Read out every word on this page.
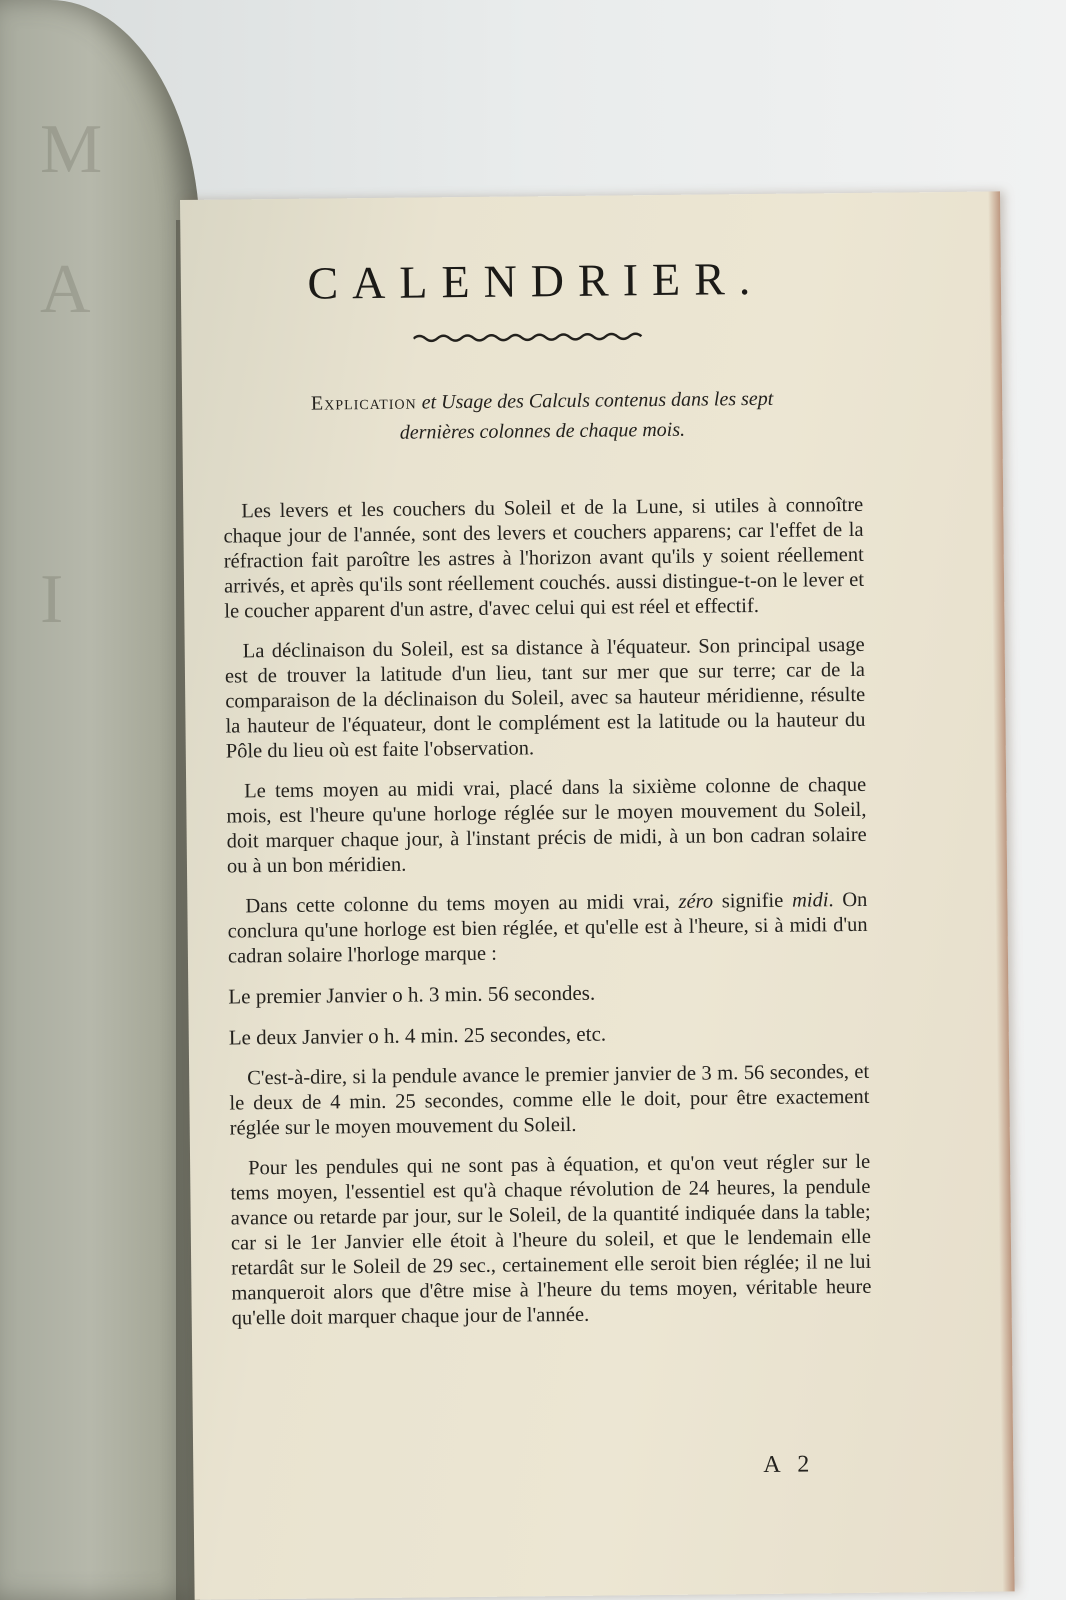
M
A
I
CALENDRIER.
Explication et Usage des Calculs contenus dans les sept
dernières colonnes de chaque mois.

Les levers et les couchers du Soleil et de la Lune, si utiles à connoître chaque jour de l'année, sont des levers et couchers apparens; car l'effet de la réfraction fait paroître les astres à l'horizon avant qu'ils y soient réellement arrivés, et après qu'ils sont réellement couchés. aussi distingue-t-on le lever et le coucher apparent d'un astre, d'avec celui qui est réel et effectif.

La déclinaison du Soleil, est sa distance à l'équateur. Son principal usage est de trouver la latitude d'un lieu, tant sur mer que sur terre; car de la comparaison de la déclinaison du Soleil, avec sa hauteur méridienne, résulte la hauteur de l'équateur, dont le complément est la latitude ou la hauteur du Pôle du lieu où est faite l'observation.

Le tems moyen au midi vrai, placé dans la sixième colonne de chaque mois, est l'heure qu'une horloge réglée sur le moyen mouvement du Soleil, doit marquer chaque jour, à l'instant précis de midi, à un bon cadran solaire ou à un bon méridien.

Dans cette colonne du tems moyen au midi vrai, zéro signifie midi. On conclura qu'une horloge est bien réglée, et qu'elle est à l'heure, si à midi d'un cadran solaire l'horloge marque :

Le premier Janvier o h. 3 min. 56 secondes.

Le deux Janvier o h. 4 min. 25 secondes, etc.

C'est-à-dire, si la pendule avance le premier janvier de 3 m. 56 secondes, et le deux de 4 min. 25 secondes, comme elle le doit, pour être exactement réglée sur le moyen mouvement du Soleil.

Pour les pendules qui ne sont pas à équation, et qu'on veut régler sur le tems moyen, l'essentiel est qu'à chaque révolution de 24 heures, la pendule avance ou retarde par jour, sur le Soleil, de la quantité indiquée dans la table; car si le 1er Janvier elle étoit à l'heure du soleil, et que le lendemain elle retardât sur le Soleil de 29 sec., certainement elle seroit bien réglée; il ne lui manqueroit alors que d'être mise à l'heure du tems moyen, véritable heure qu'elle doit marquer chaque jour de l'année.

A 2
